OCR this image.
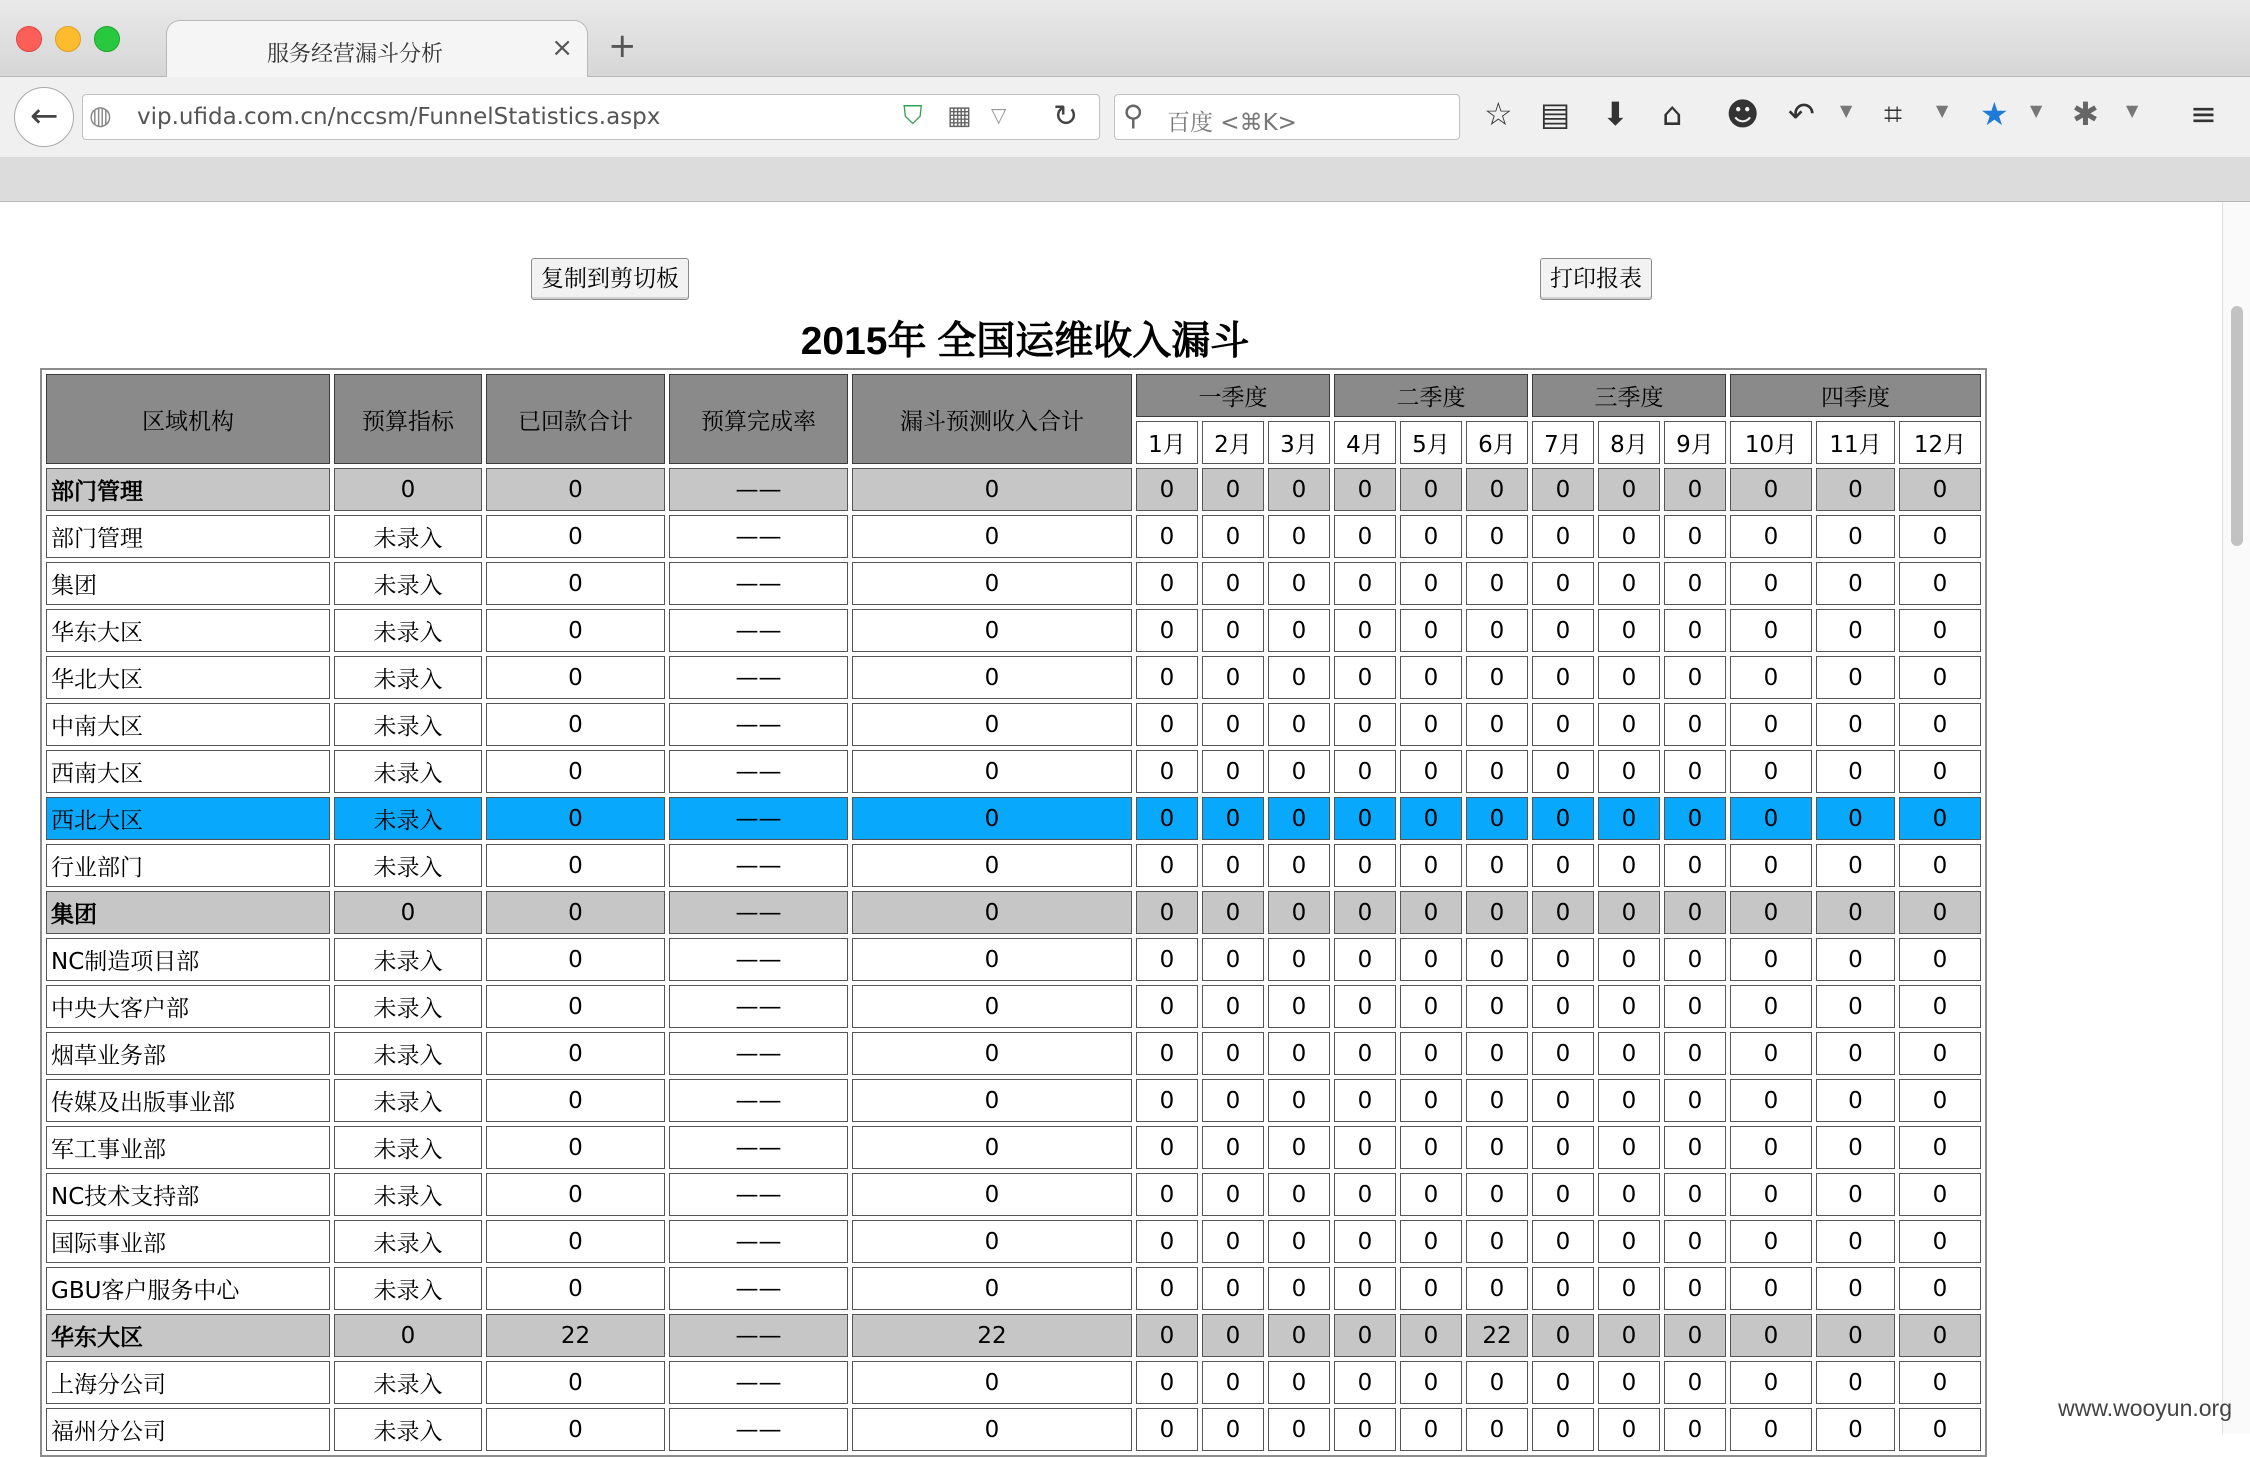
服务经营漏斗分析	× +
← ◍ vip.ufida.com.cn/nccsm/FunnelStatistics.aspx	⛉ ▦ ▽ ↻ ⚲ 百度 <⌘K>	☆ ▤ ⬇ ⌂ ☻ ↶ ▼ ⌗ ▼ ★ ▼ ✱ ▼ ≡
复制到剪切板	打印报表
2015年 全国运维收入漏斗
区域机构	预算指标	已回款合计	预算完成率	漏斗预测收入合计	一季度			二季度			三季度			四季度		
					1月	2月	3月	4月	5月	6月	7月	8月	9月	10月	11月	12月
部门管理	0	0	——	0	0	0	0	0	0	0	0	0	0	0	0	0
部门管理	未录入	0	——	0	0	0	0	0	0	0	0	0	0	0	0	0
集团	未录入	0	——	0	0	0	0	0	0	0	0	0	0	0	0	0
华东大区	未录入	0	——	0	0	0	0	0	0	0	0	0	0	0	0	0
华北大区	未录入	0	——	0	0	0	0	0	0	0	0	0	0	0	0	0
中南大区	未录入	0	——	0	0	0	0	0	0	0	0	0	0	0	0	0
西南大区	未录入	0	——	0	0	0	0	0	0	0	0	0	0	0	0	0
西北大区	未录入	0	——	0	0	0	0	0	0	0	0	0	0	0	0	0
行业部门	未录入	0	——	0	0	0	0	0	0	0	0	0	0	0	0	0
集团	0	0	——	0	0	0	0	0	0	0	0	0	0	0	0	0
NC制造项目部	未录入	0	——	0	0	0	0	0	0	0	0	0	0	0	0	0
中央大客户部	未录入	0	——	0	0	0	0	0	0	0	0	0	0	0	0	0
烟草业务部	未录入	0	——	0	0	0	0	0	0	0	0	0	0	0	0	0
传媒及出版事业部	未录入	0	——	0	0	0	0	0	0	0	0	0	0	0	0	0
军工事业部	未录入	0	——	0	0	0	0	0	0	0	0	0	0	0	0	0
NC技术支持部	未录入	0	——	0	0	0	0	0	0	0	0	0	0	0	0	0
国际事业部	未录入	0	——	0	0	0	0	0	0	0	0	0	0	0	0	0
GBU客户服务中心	未录入	0	——	0	0	0	0	0	0	0	0	0	0	0	0	0
华东大区	0	22	——	22	0	0	0	0	0	22	0	0	0	0	0	0
上海分公司	未录入	0	——	0	0	0	0	0	0	0	0	0	0	0	0	0
福州分公司	未录入	0	——	0	0	0	0	0	0	0	0	0	0	0	0	0
www.wooyun.org
